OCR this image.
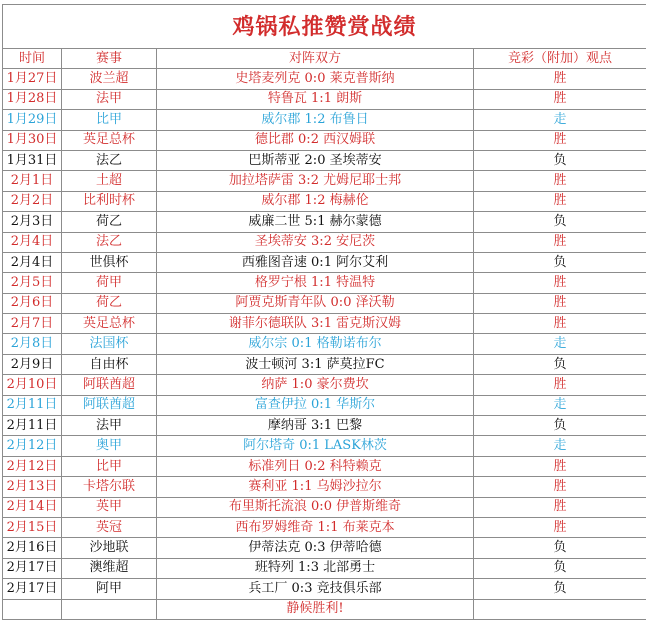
鸡锅私推赞赏战绩			
时间	赛事	对阵双方	竞彩（附加）观点
1月27日	波兰超	史塔麦列克 0:0 莱克普斯纳	胜
1月28日	法甲	特鲁瓦 1:1 朗斯	胜
1月29日	比甲	威尔郡 1:2 布鲁日	走
1月30日	英足总杯	德比郡 0:2 西汉姆联	胜
1月31日	法乙	巴斯蒂亚 2:0 圣埃蒂安	负
2月1日	土超	加拉塔萨雷 3:2 尤姆尼耶士邦	胜
2月2日	比利时杯	威尔郡 1:2 梅赫伦	胜
2月3日	荷乙	威廉二世 5:1 赫尔蒙德	负
2月4日	法乙	圣埃蒂安 3:2 安尼茨	胜
2月4日	世俱杯	西雅图音速 0:1 阿尔艾利	负
2月5日	荷甲	格罗宁根 1:1 特温特	胜
2月6日	荷乙	阿贾克斯青年队 0:0 泽沃勒	胜
2月7日	英足总杯	谢菲尔德联队 3:1 雷克斯汉姆	胜
2月8日	法国杯	威尔宗 0:1 格勒诺布尔	走
2月9日	自由杯	波士顿河 3:1 萨莫拉FC	负
2月10日	阿联酋超	纳萨 1:0 豪尔费坎	胜
2月11日	阿联酋超	富查伊拉 0:1 华斯尔	走
2月11日	法甲	摩纳哥 3:1 巴黎	负
2月12日	奥甲	阿尔塔奇 0:1 LASK林茨	走
2月12日	比甲	标准列日 0:2 科特赖克	胜
2月13日	卡塔尔联	赛利亚 1:1 乌姆沙拉尔	胜
2月14日	英甲	布里斯托流浪 0:0 伊普斯维奇	胜
2月15日	英冠	西布罗姆维奇 1:1 布莱克本	胜
2月16日	沙地联	伊蒂法克 0:3 伊蒂哈德	负
2月17日	澳维超	班特列 1:3 北部勇士	负
2月17日	阿甲	兵工厂 0:3 竞技俱乐部	负
		静候胜利!	
